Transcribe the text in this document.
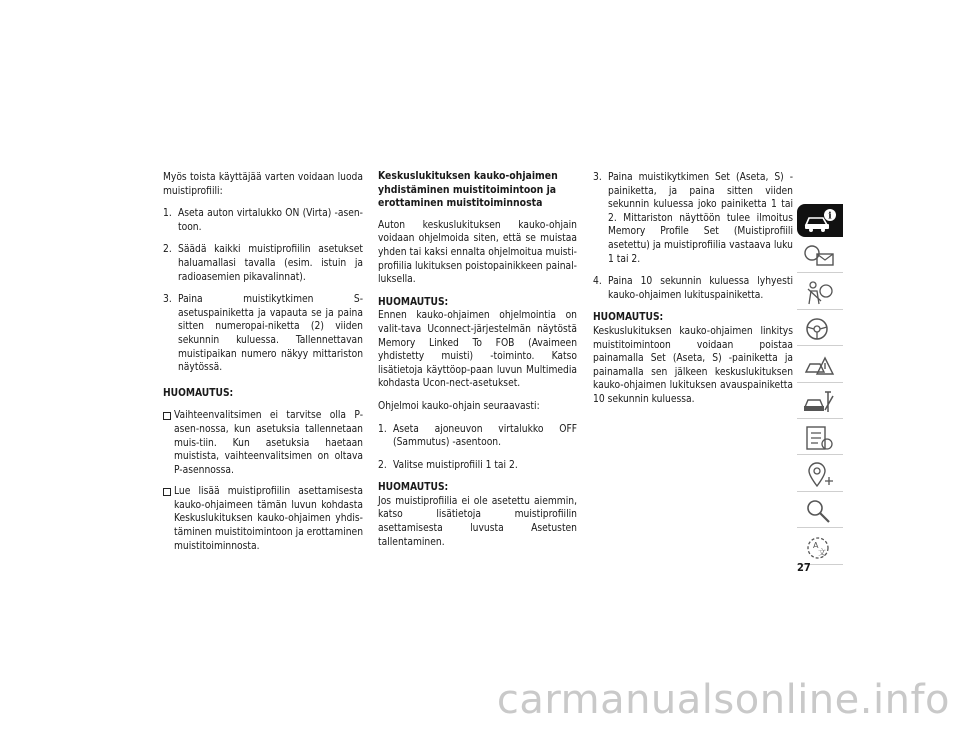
Myös toista käyttäjää varten voidaan luoda muistiprofiili:

1. Aseta auton virtalukko ON (Virta) -asen-toon.
2. Säädä kaikki muistiprofiilin asetukset haluamallasi tavalla (esim. istuin ja radioasemien pikavalinnat).
3. Paina muistikytkimen S-asetuspainiketta ja vapauta se ja paina sitten numeropai-niketta (2) viiden sekunnin kuluessa. Tallennettavan muistipaikan numero näkyy mittariston näytössä.

HUOMAUTUS:

Vaihteenvalitsimen ei tarvitse olla P-asen-nossa, kun asetuksia tallennetaan muis-tiin. Kun asetuksia haetaan muistista, vaihteenvalitsimen on oltava P-asennossa.
Lue lisää muistiprofiilin asettamisesta kauko-ohjaimeen tämän luvun kohdasta Keskuslukituksen kauko-ohjaimen yhdis-täminen muistitoimintoon ja erottaminen muistitoiminnosta.
Keskuslukituksen kauko-ohjaimen
yhdistäminen muistitoimintoon ja
erottaminen muistitoiminnosta

Auton keskuslukituksen kauko-ohjain voidaan ohjelmoida siten, että se muistaa yhden tai kaksi ennalta ohjelmoitua muisti-profiilia lukituksen poistopainikkeen painal-luksella.

HUOMAUTUS:

Ennen kauko-ohjaimen ohjelmointia on valit-tava Uconnect-järjestelmän näytöstä Memory Linked To FOB (Avaimeen yhdistetty muisti) -toiminto. Katso lisätietoja käyttöop-paan luvun Multimedia kohdasta Ucon-nect-asetukset.

Ohjelmoi kauko-ohjain seuraavasti:

1. Aseta ajoneuvon virtalukko OFF (Sammutus) -asentoon.
2. Valitse muistiprofiili 1 tai 2.

HUOMAUTUS:

Jos muistiprofiilia ei ole asetettu aiemmin, katso lisätietoja muistiprofiilin asettamisesta luvusta Asetusten tallentaminen.

3. Paina muistikytkimen Set (Aseta, S) -painiketta, ja paina sitten viiden sekunnin kuluessa joko painiketta 1 tai 2. Mittariston näyttöön tulee ilmoitus Memory Profile Set (Muistiprofiili asetettu) ja muistiprofiilia vastaava luku 1 tai 2.
4. Paina 10 sekunnin kuluessa lyhyesti kauko-ohjaimen lukituspainiketta.

HUOMAUTUS:

Keskuslukituksen kauko-ohjaimen linkitys muistitoimintoon voidaan poistaa painamalla Set (Aseta, S) -painiketta ja painamalla sen jälkeen keskuslukituksen kauko-ohjaimen lukituksen avauspainiketta 10 sekunnin kuluessa.

i
A
文
27
carmanualsonline.info
